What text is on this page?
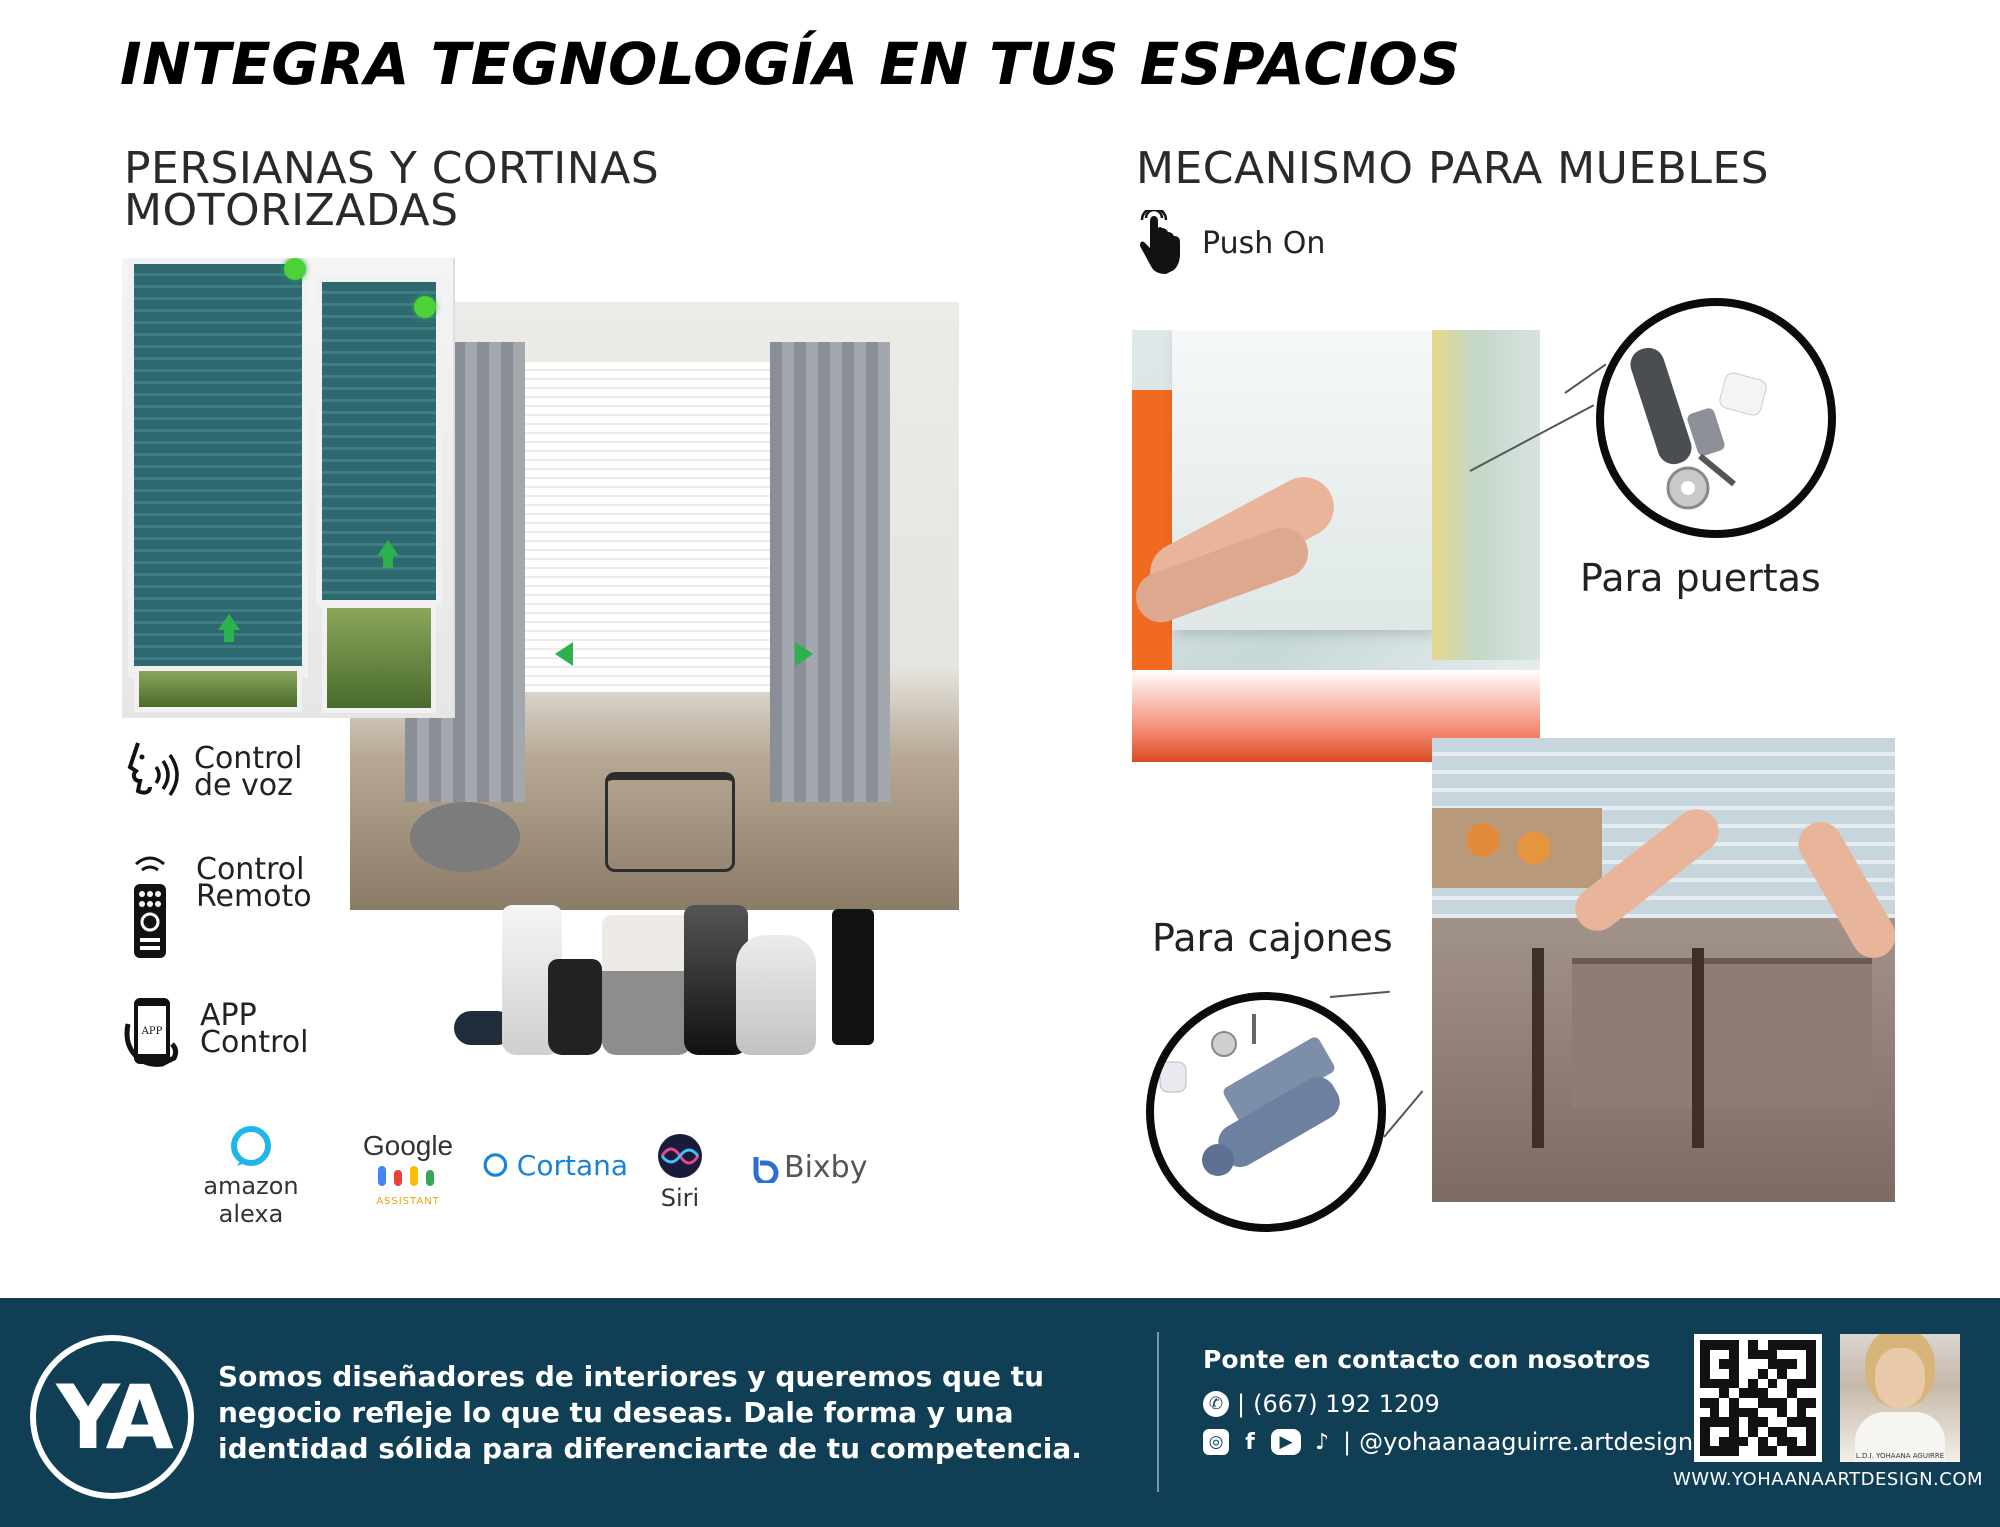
INTEGRA TEGNOLOGÍA EN TUS ESPACIOS
PERSIANAS Y CORTINAS
MOTORIZADAS
Control
de voz
Control
Remoto
APP APP
Control
amazon alexa
Google
ASSISTANT
Cortana
Siri
Bixby
MECANISMO PARA MUEBLES
Push On
Para puertas
Para cajones
YA	Somos diseñadores de interiores y queremos que tu negocio refleje lo que tu deseas. Dale forma y una identidad sólida para diferenciarte de tu competencia.
Ponte en contacto con nosotros
✆ | (667) 192 1209
◎ f	▶	♪ | @yohaanaaguirre.artdesign	L.D.I. YOHAANA AGUIRRE
WWW.YOHAANAARTDESIGN.COM
